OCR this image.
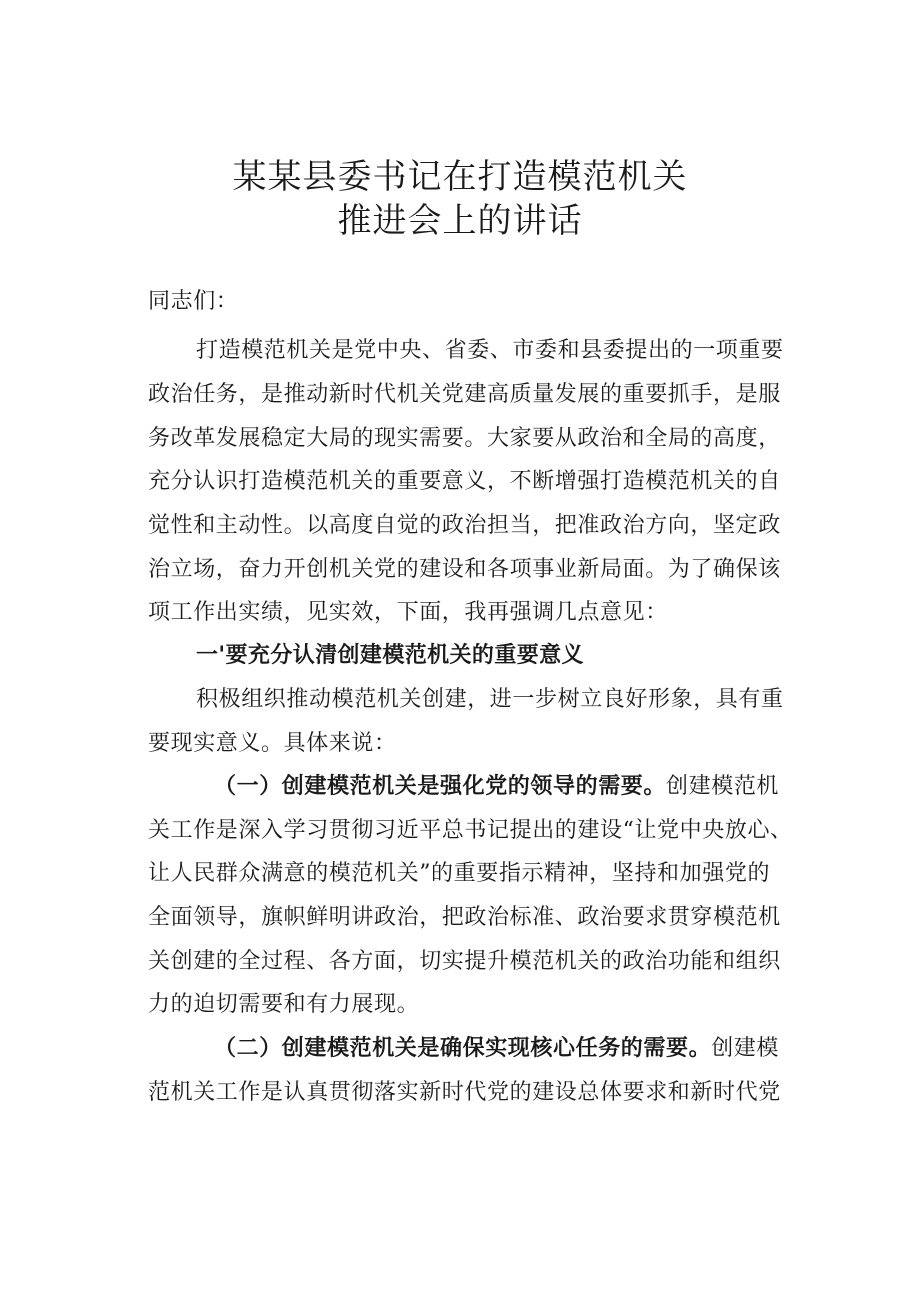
某某县委书记在打造模范机关
推进会上的讲话
同志们：
打造模范机关是党中央、省委、市委和县委提出的一项重要
政治任务，是推动新时代机关党建高质量发展的重要抓手，是服
务改革发展稳定大局的现实需要。大家要从政治和全局的高度，
充分认识打造模范机关的重要意义，不断增强打造模范机关的自
觉性和主动性。以高度自觉的政治担当，把准政治方向，坚定政
治立场，奋力开创机关党的建设和各项事业新局面。为了确保该
项工作出实绩，见实效，下面，我再强调几点意见：
一'要充分认清创建模范机关的重要意义
积极组织推动模范机关创建，进一步树立良好形象，具有重
要现实意义。具体来说：
（一）创建模范机关是强化党的领导的需要。创建模范机
关工作是深入学习贯彻习近平总书记提出的建设“让党中央放心、
让人民群众满意的模范机关”的重要指示精神，坚持和加强党的
全面领导，旗帜鲜明讲政治，把政治标准、政治要求贯穿模范机
关创建的全过程、各方面，切实提升模范机关的政治功能和组织
力的迫切需要和有力展现。
（二）创建模范机关是确保实现核心任务的需要。创建模
范机关工作是认真贯彻落实新时代党的建设总体要求和新时代党
